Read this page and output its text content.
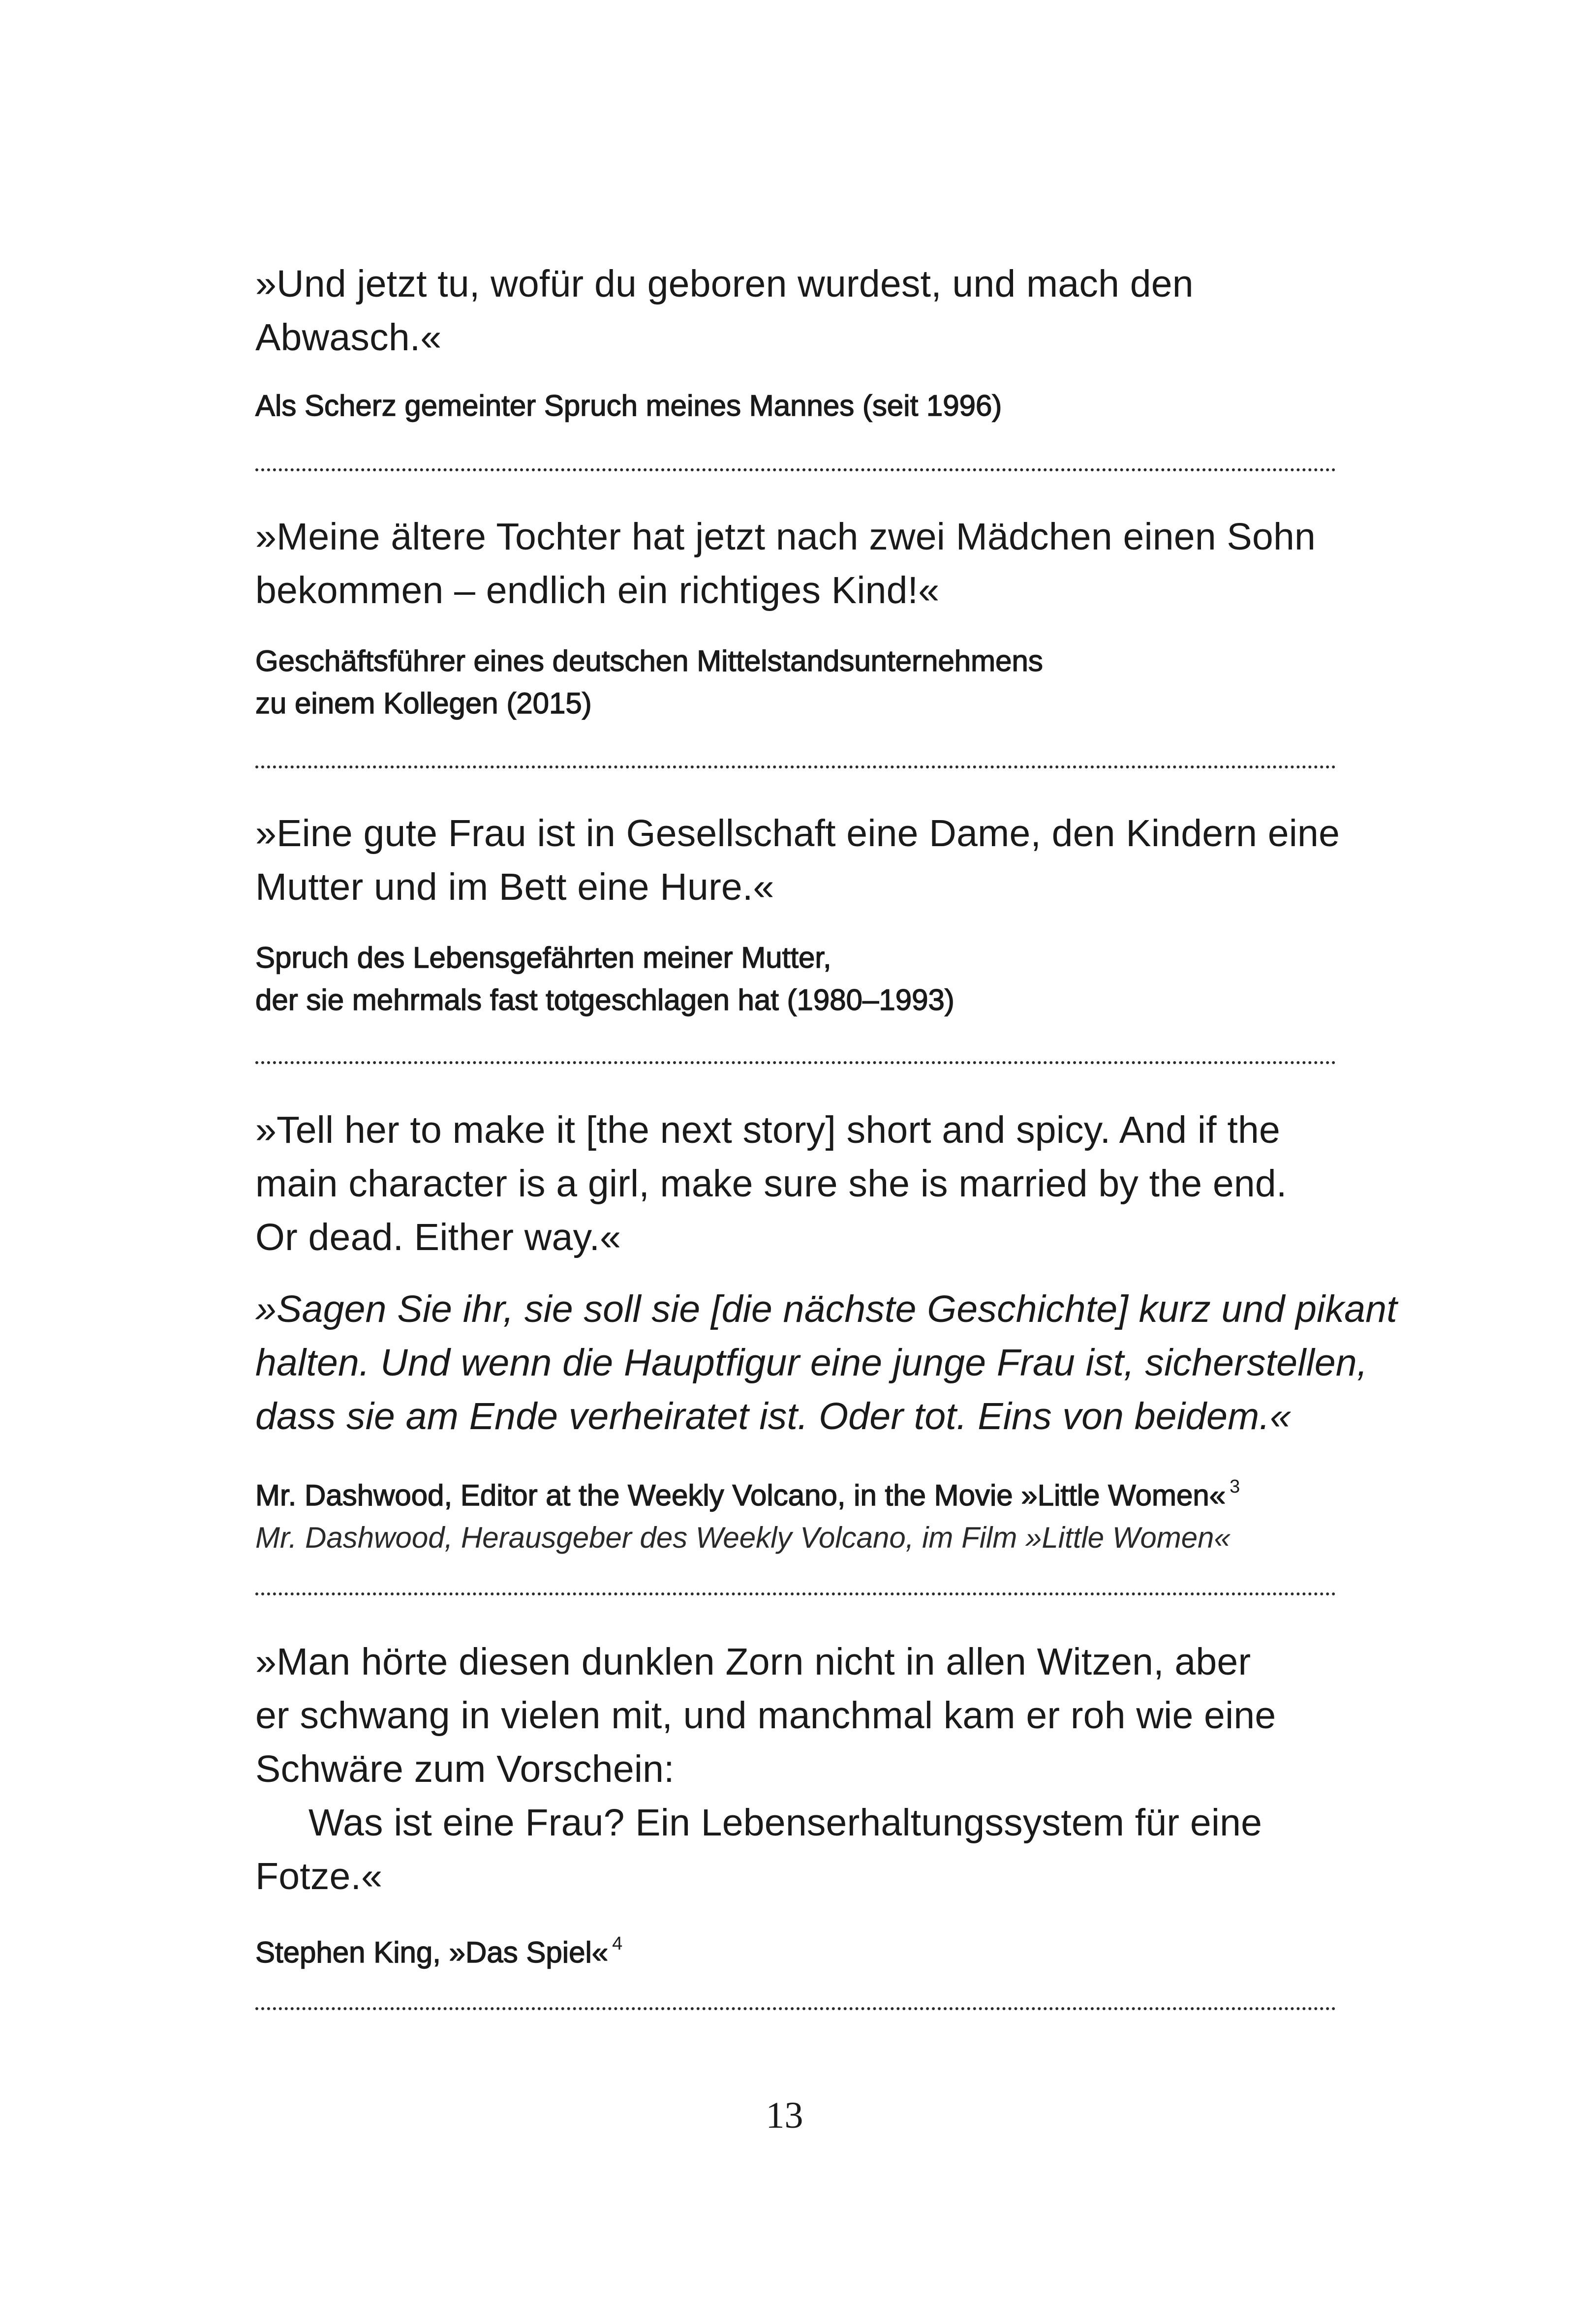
»Und jetzt tu, wofür du geboren wurdest, und mach den
Abwasch.«

Als Scherz gemeinter Spruch meines Mannes (seit 1996)

»Meine ältere Tochter hat jetzt nach zwei Mädchen einen Sohn
bekommen – endlich ein richtiges Kind!«

Geschäftsführer eines deutschen Mittelstandsunternehmens
zu einem Kollegen (2015)

»Eine gute Frau ist in Gesellschaft eine Dame, den Kindern eine
Mutter und im Bett eine Hure.«

Spruch des Lebensgefährten meiner Mutter,
der sie mehrmals fast totgeschlagen hat (1980–1993)

»Tell her to make it [the next story] short and spicy. And if the
main character is a girl, make sure she is married by the end.
Or dead. Either way.«

»Sagen Sie ihr, sie soll sie [die nächste Geschichte] kurz und pikant
halten. Und wenn die Hauptfigur eine junge Frau ist, sicherstellen,
dass sie am Ende verheiratet ist. Oder tot. Eins von beidem.«

Mr. Dashwood, Editor at the Weekly Volcano, in the Movie »Little Women« $^3$
Mr. Dashwood, Herausgeber des Weekly Volcano, im Film »Little Women«

»Man hörte diesen dunklen Zorn nicht in allen Witzen, aber
er schwang in vielen mit, und manchmal kam er roh wie eine
Schwäre zum Vorschein:
Was ist eine Frau? Ein Lebenserhaltungssystem für eine
Fotze.«

Stephen King, »Das Spiel« $^4$

13
